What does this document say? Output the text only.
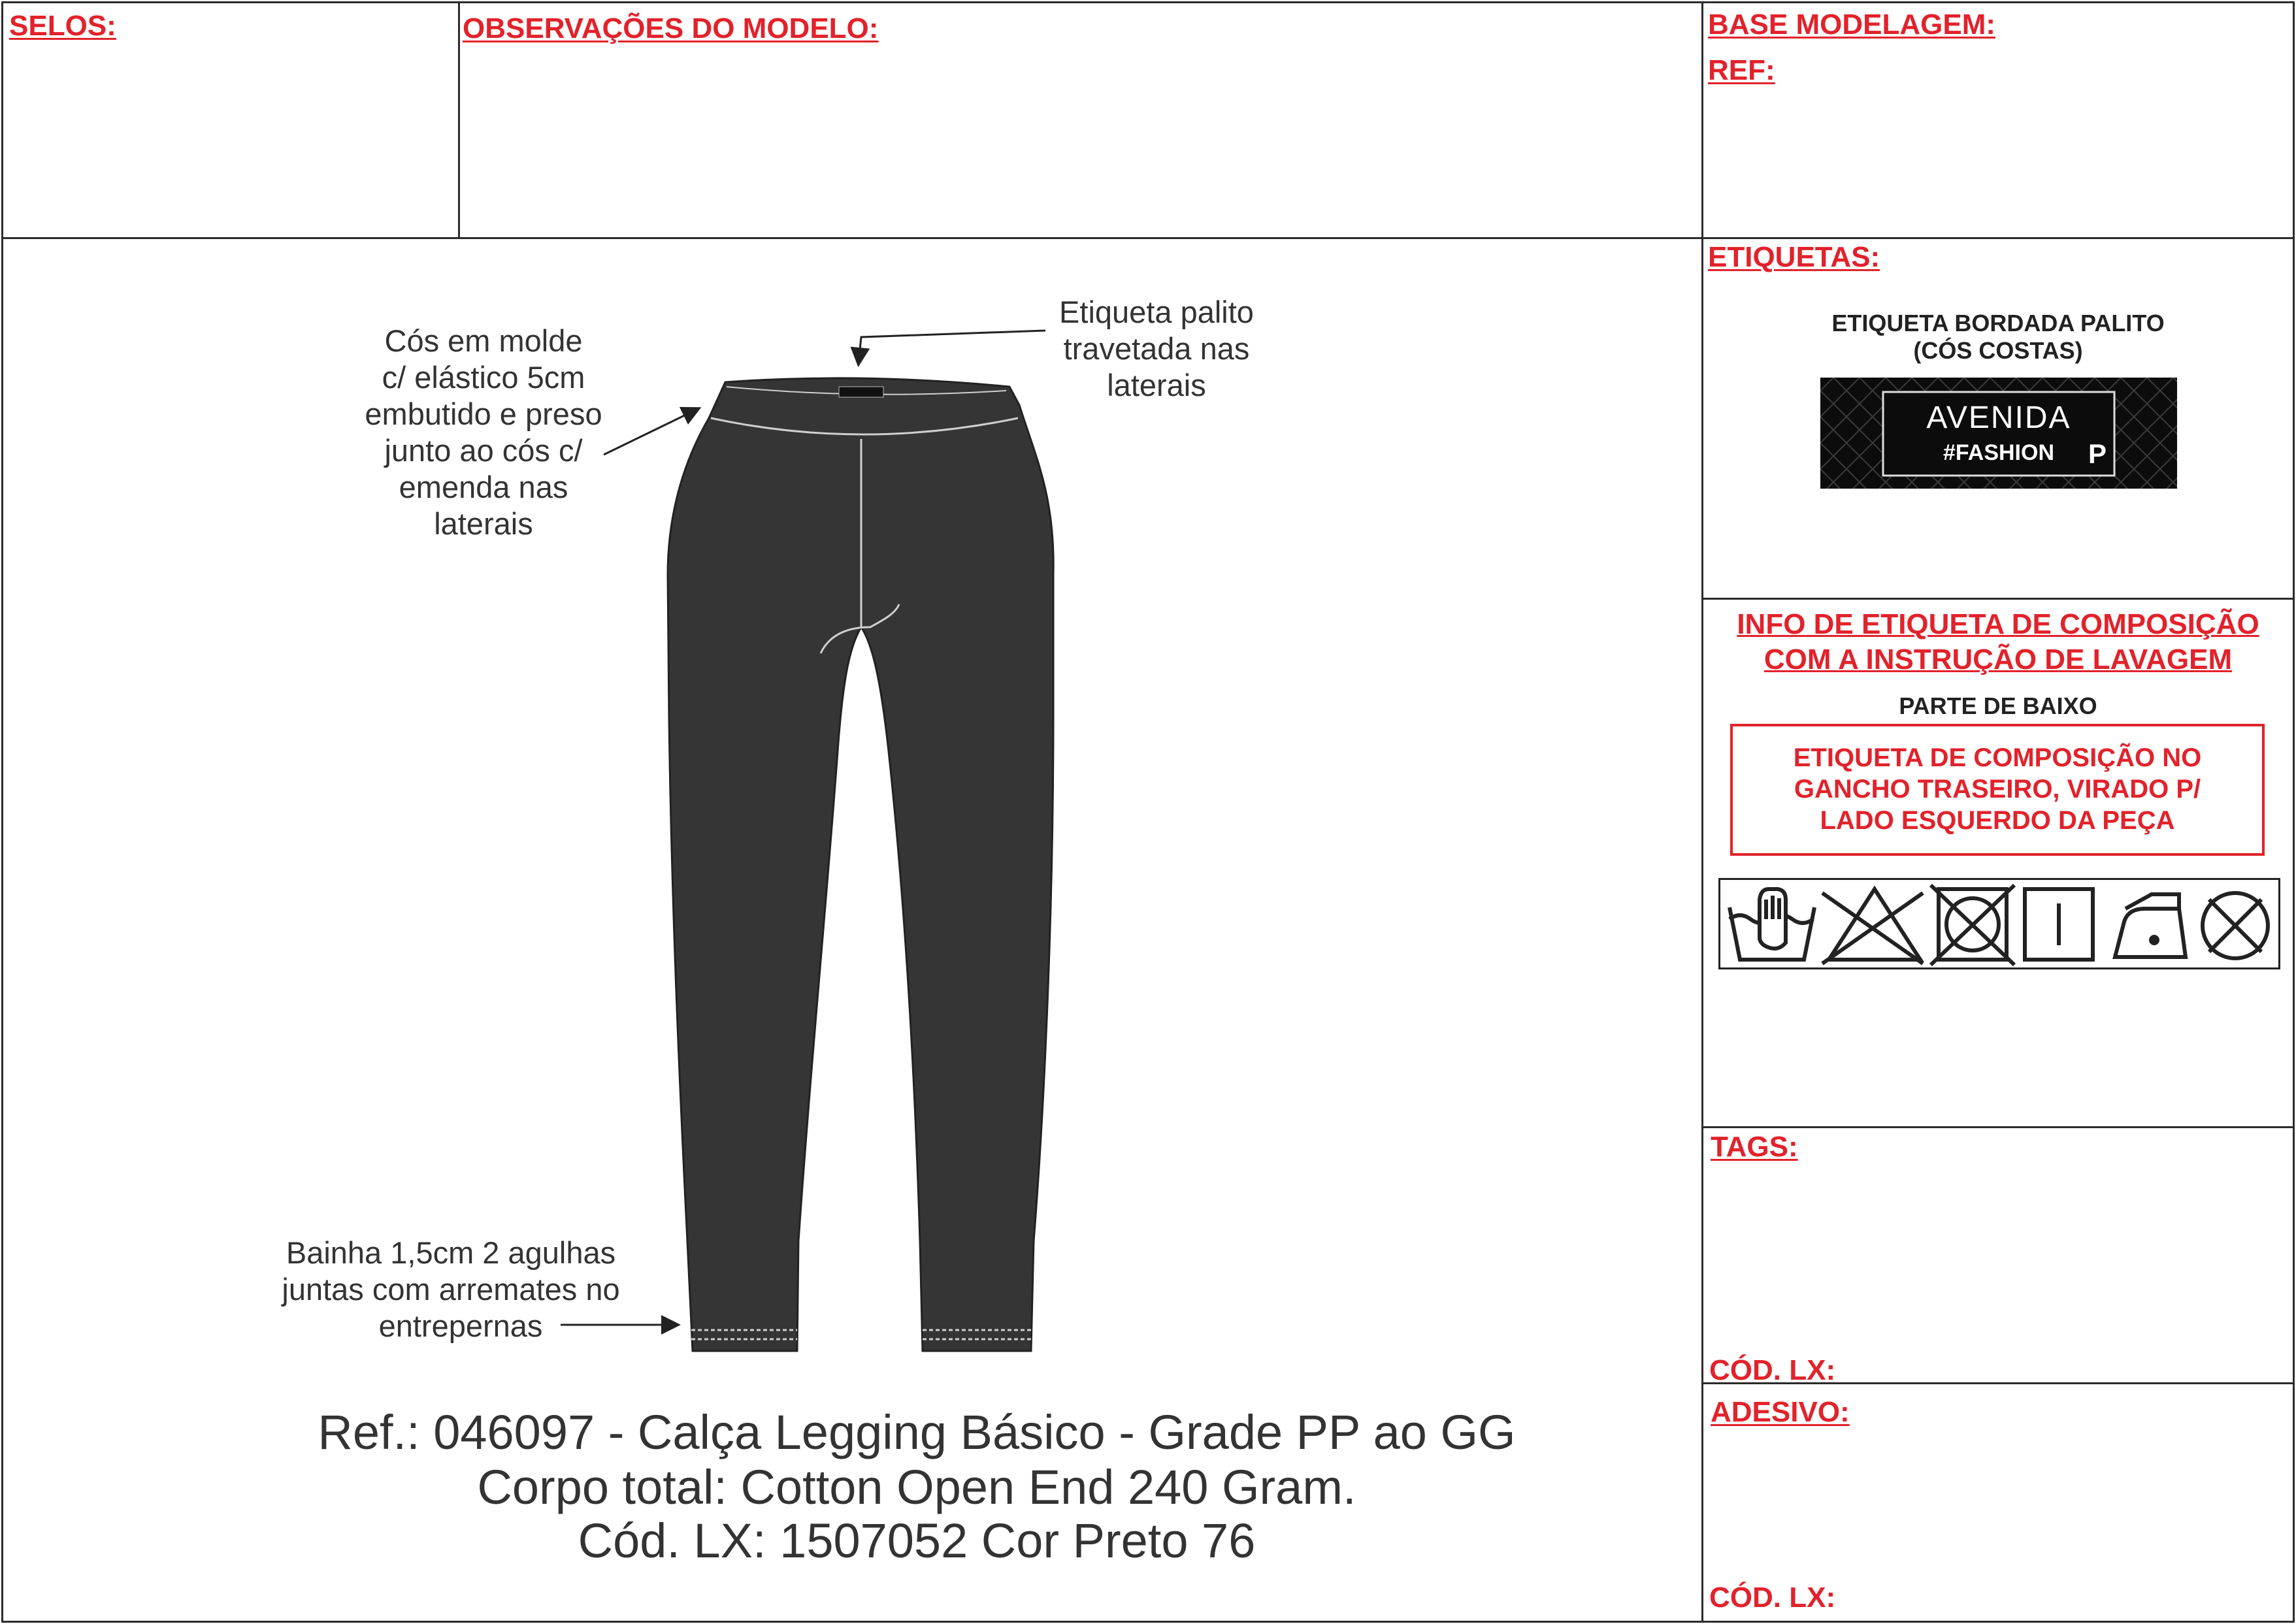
SELOS:	OBSERVAÇÕES DO MODELO:	BASE MODELAGEM:
REF:
ETIQUETAS:
TAGS:
CÓD. LX:
ADESIVO:
CÓD. LX:
Cós em molde
c/ elástico 5cm
embutido e preso
junto ao cós c/
emenda nas
laterais
Etiqueta palito
travetada nas
laterais
Bainha 1,5cm 2 agulhas
juntas com arremates no
entrepernas
Ref.: 046097 - Calça Legging Básico - Grade PP ao GG
Corpo total: Cotton Open End 240 Gram.
Cód. LX: 1507052 Cor Preto 76
ETIQUETA BORDADA PALITO
(CÓS COSTAS)
AVENIDA
#FASHION	P
INFO DE ETIQUETA DE COMPOSIÇÃO
COM A INSTRUÇÃO DE LAVAGEM
PARTE DE BAIXO
ETIQUETA DE COMPOSIÇÃO NO
GANCHO TRASEIRO, VIRADO P/
LADO ESQUERDO DA PEÇA
